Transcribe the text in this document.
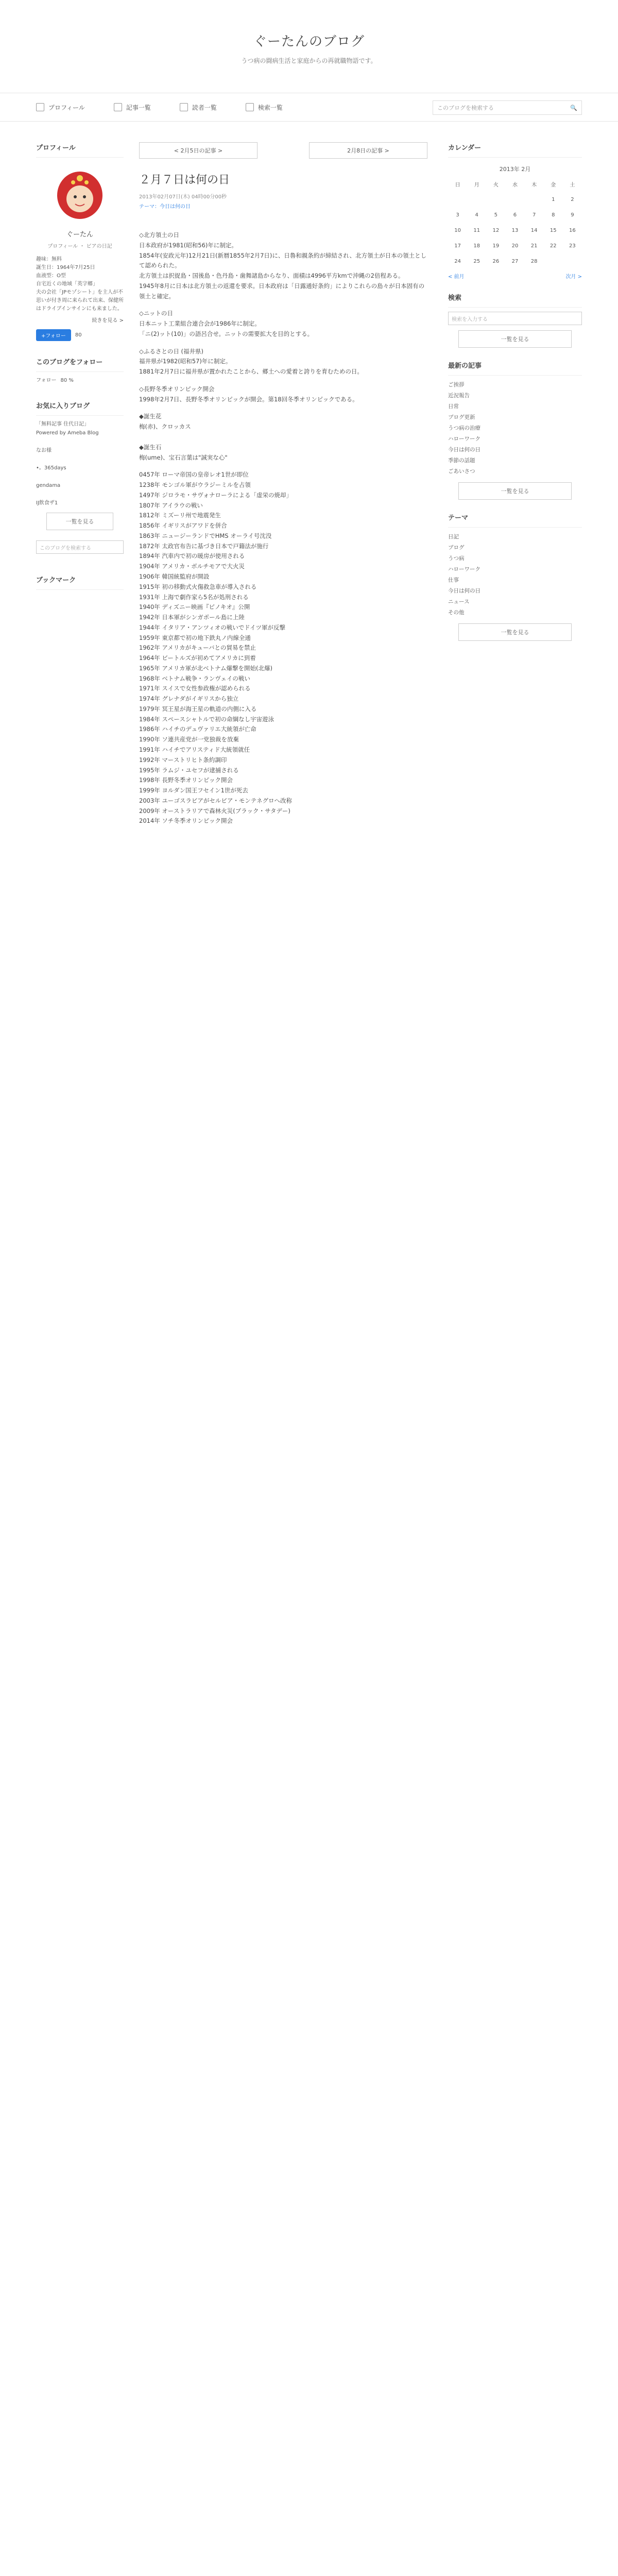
ぐーたんのブログ
うつ病の闘病生活と家庭からの再就職物語です。
プロフィール	記事一覧	読者一覧	検索一覧	このブログを検索する	🔍
プロフィール
ぐーたん
プロフィール ・ ビアの日記
趣味：無料
誕生日：1964年7月25日
血液型：O型
自宅近くの地域「英字郷」
夫の会社「JPモゾシート」を主人が不思いが付き周に来られて出来、保健所はドライブインサインにも来ました。
続きを見る >
+フォロー	80
このブログをフォロー
フォロー 80 %
お気に入りブログ
「無料記事 住代日記」
Powered by Ameba Blog

なお様

•。365days

gendama

IJ飲食ザ1
一覧を見る
このブログを検索する
ブックマーク
< 2月5日の記事 >	2月8日の記事 >
２月７日は何の日
2013年02月07日(木) 04時00分00秒
テーマ：今日は何の日

◇北方領土の日
日本政府が1981(昭和56)年に制定。
1854年(安政元年)12月21日(新暦1855年2月7日)に、日魯和親条約が締結され、北方領土が日本の領土として認められた。
北方領土は択捉島・国後島・色丹島・歯舞諸島からなり、面積は4996平方kmで沖縄の2倍程ある。
1945年8月に日本は北方領土の返還を要求。日本政府は「日露通好条約」によりこれらの島々が日本固有の領土と確定。

◇ニットの日
日本ニット工業組合連合会が1986年に制定。
「ニ(2)ット(10)」の語呂合せ。ニットの需要拡大を目的とする。

◇ふるさとの日 (福井県)
福井県が1982(昭和57)年に制定。
1881年2月7日に福井県が置かれたことから、郷土への愛着と誇りを育むための日。

◇長野冬季オリンピック開会
1998年2月7日、長野冬季オリンピックが開会。第18回冬季オリンピックである。

◆誕生花
梅(赤)、クロッカス

◆誕生石
梅(ume)、宝石言葉は"誠実な心"

0457年 ローマ帝国の皇帝レオ1世が即位
1238年 モンゴル軍がウラジーミルを占領
1497年 ジロラモ・サヴォナローラによる「虚栄の焼却」
1807年 アイラウの戦い
1812年 ミズーリ州で地震発生
1856年 イギリスがアワドを併合
1863年 ニュージーランドでHMS オーライ号沈没
1872年 太政官布告に基づき日本で戸籍法が施行
1894年 汽車内で初の暖房が使用される
1904年 アメリカ・ボルチモアで大火災
1906年 韓国統監府が開設
1915年 初の移動式火傷救急車が導入される
1931年 上海で劇作家ら5名が処刑される
1940年 ディズニー映画『ピノキオ』公開
1942年 日本軍がシンガポール島に上陸
1944年 イタリア・アンツィオの戦いでドイツ軍が反撃
1959年 東京都で初の地下鉄丸ノ内線全通
1962年 アメリカがキューバとの貿易を禁止
1964年 ビートルズが初めてアメリカに到着
1965年 アメリカ軍が北ベトナム爆撃を開始(北爆)
1968年 ベトナム戦争・ランヴェイの戦い
1971年 スイスで女性参政権が認められる
1974年 グレナダがイギリスから独立
1979年 冥王星が海王星の軌道の内側に入る
1984年 スペースシャトルで初の命綱なし宇宙遊泳
1986年 ハイチのデュヴァリエ大統領が亡命
1990年 ソ連共産党が一党独裁を放棄
1991年 ハイチでアリスティド大統領就任
1992年 マーストリヒト条約調印
1995年 ラムジ・ユセフが逮捕される
1998年 長野冬季オリンピック開会
1999年 ヨルダン国王フセイン1世が死去
2003年 ユーゴスラビアがセルビア・モンテネグロへ改称
2009年 オーストラリアで森林火災(ブラック・サタデー)
2014年 ソチ冬季オリンピック開会

カレンダー
2013年 2月
日	月	火	水	木	金	土
					1	2
3	4	5	6	7	8	9
10	11	12	13	14	15	16
17	18	19	20	21	22	23
24	25	26	27	28		
< 前月	次月 >
検索
検索を入力する
一覧を見る
最新の記事
ご挨拶
近況報告
日常
ブログ更新
うつ病の治療
ハローワーク
今日は何の日
季節の話題
ごあいさつ
一覧を見る
テーマ
日記
ブログ
うつ病
ハローワーク
仕事
今日は何の日
ニュース
その他
一覧を見る
